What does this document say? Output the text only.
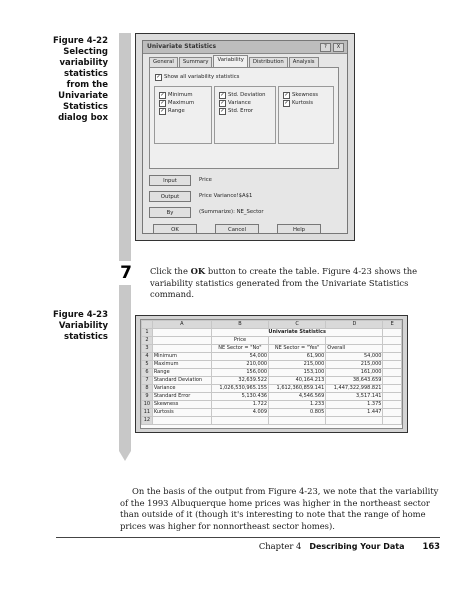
Figure 4-22
Selecting
variability
statistics
from the
Univariate
Statistics
dialog box
Figure 4-23
Variability
statistics
7
Univariate Statistics	?	X
General	Summary	Variability	Distribution	Analysis
✓ Show all variability statistics
✓ Minimum
✓ Maximum
✓ Range
✓ Std. Deviation
✓ Variance
✓ Std. Error
✓ Skewness
✓ Kurtosis
Input	Price
Output	Price Variance!$A$1
By	(Summarize): NE_Sector
OK	Cancel	Help
Click the OK button to create the table. Figure 4-23 shows the variability statistics generated from the Univariate Statistics command.
	A	B	C	D	E
1		Univariate Statistics			
2		Price			
3		NE Sector = "No"	NE Sector = "Yes"	Overall	
4	Minimum	54,000	61,900	54,000	
5	Maximum	210,000	215,000	215,000	
6	Range	156,000	153,100	161,000	
7	Standard Deviation	32,639.522	40,164.213	38,643.659	
8	Variance	1,026,530,965.155	1,612,360,859.141	1,447,322,998.821	
9	Standard Error	5,130.436	4,546.569	3,517.141	
10	Skewness	1.722	1.233	1.375	
11	Kurtosis	4.009	0.805	1.447	
12					
On the basis of the output from Figure 4-23, we note that the variability of the 1993 Albuquerque home prices was higher in the northeast sector than outside of it (though it's interesting to note that the range of home prices was higher for nonnortheast sector homes).
Chapter 4 Describing Your Data 163
